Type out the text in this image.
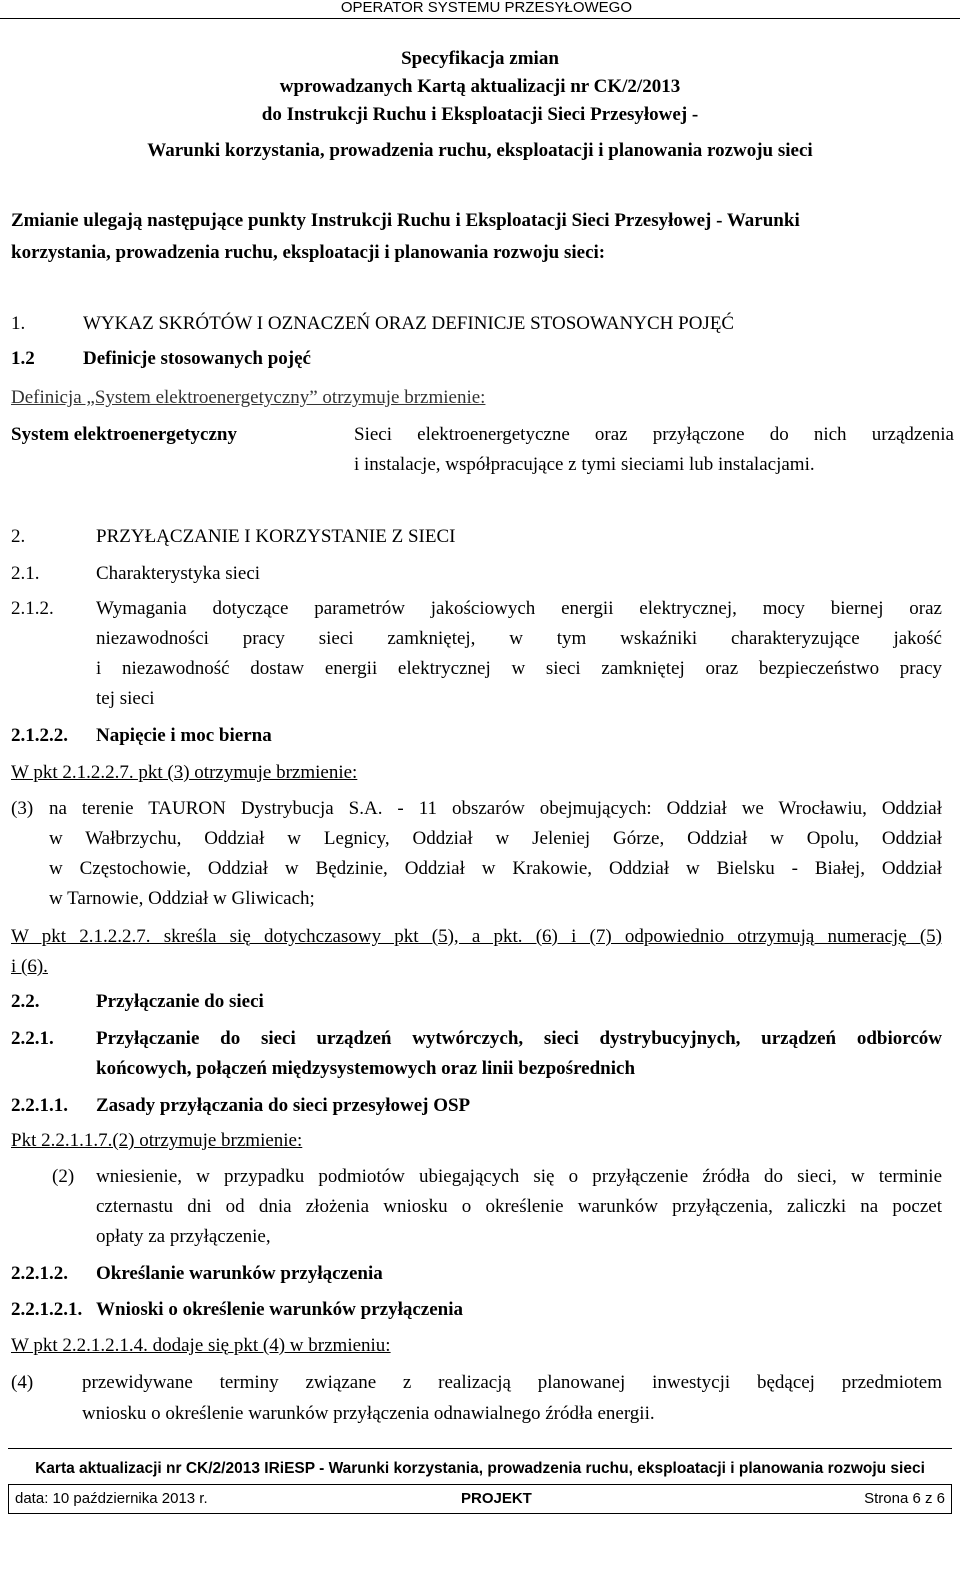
OPERATOR SYSTEMU PRZESYŁOWEGO
Specyfikacja zmian
wprowadzanych Kartą aktualizacji nr CK/2/2013
do Instrukcji Ruchu i Eksploatacji Sieci Przesyłowej -
Warunki korzystania, prowadzenia ruchu, eksploatacji i planowania rozwoju sieci
Zmianie ulegają następujące punkty Instrukcji Ruchu i Eksploatacji Sieci Przesyłowej - Warunki
korzystania, prowadzenia ruchu, eksploatacji i planowania rozwoju sieci:
1.	WYKAZ SKRÓTÓW I OZNACZEŃ ORAZ DEFINICJE STOSOWANYCH POJĘĆ
1.2	Definicje stosowanych pojęć
Definicja „System elektroenergetyczny” otrzymuje brzmienie:
System elektroenergetyczny	Sieci elektroenergetyczne oraz przyłączone do nich urządzenia
i instalacje, współpracujące z tymi sieciami lub instalacjami.
2.	PRZYŁĄCZANIE I KORZYSTANIE Z SIECI
2.1.	Charakterystyka sieci
2.1.2. Wymagania dotyczące parametrów jakościowych energii elektrycznej, mocy biernej oraz
niezawodności pracy sieci zamkniętej, w tym wskaźniki charakteryzujące jakość
i niezawodność dostaw energii elektrycznej w sieci zamkniętej oraz bezpieczeństwo pracy
tej sieci
2.1.2.2. Napięcie i moc bierna
W pkt 2.1.2.2.7. pkt (3) otrzymuje brzmienie:
(3) na terenie TAURON Dystrybucja S.A. - 11 obszarów obejmujących: Oddział we Wrocławiu, Oddział
w Wałbrzychu, Oddział w Legnicy, Oddział w Jeleniej Górze, Oddział w Opolu, Oddział
w Częstochowie, Oddział w Będzinie, Oddział w Krakowie, Oddział w Bielsku - Białej, Oddział
w Tarnowie, Oddział w Gliwicach;
W pkt 2.1.2.2.7. skreśla się dotychczasowy pkt (5), a pkt. (6) i (7) odpowiednio otrzymują numerację (5)
i (6).
2.2.	Przyłączanie do sieci
2.2.1. Przyłączanie do sieci urządzeń wytwórczych, sieci dystrybucyjnych, urządzeń odbiorców
końcowych, połączeń międzysystemowych oraz linii bezpośrednich
2.2.1.1. Zasady przyłączania do sieci przesyłowej OSP
Pkt 2.2.1.1.7.(2) otrzymuje brzmienie:
(2) wniesienie, w przypadku podmiotów ubiegających się o przyłączenie źródła do sieci, w terminie
czternastu dni od dnia złożenia wniosku o określenie warunków przyłączenia, zaliczki na poczet
opłaty za przyłączenie,
2.2.1.2. Określanie warunków przyłączenia
2.2.1.2.1. Wnioski o określenie warunków przyłączenia
W pkt 2.2.1.2.1.4. dodaje się pkt (4) w brzmieniu:
(4)	przewidywane terminy związane z realizacją planowanej inwestycji będącej przedmiotem
wniosku o określenie warunków przyłączenia odnawialnego źródła energii.
Karta aktualizacji nr CK/2/2013 IRiESP - Warunki korzystania, prowadzenia ruchu, eksploatacji i planowania rozwoju sieci
data: 10 października 2013 r.	PROJEKT	Strona 6 z 6
